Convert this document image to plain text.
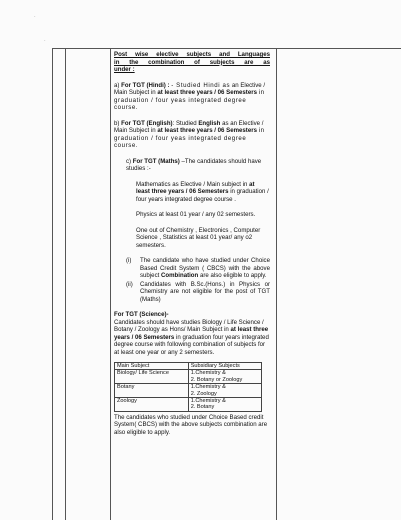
·
·
Post wise elective subjects and Languages
in the combination of subjects are as
under :

a) For TGT (Hindi) : - Studied Hindi as an Elective / Main Subject in at least three years / 06 Semesters in graduation / four yeas integrated degree course.

b) For TGT (English): Studied English as an Elective / Main Subject in at least three years / 06 Semesters in graduation / four yeas integrated degree course.

c) For TGT (Maths) –The candidates should have studies :-

Mathematics as Elective / Main subject in at least three years / 06 Semesters in graduation / four years integrated degree course .

Physics at least 01 year / any 02 semesters.

One out of Chemistry , Electronics , Computer Science , Statistics at least 01 year/ any o2 semesters.

(i)	The candidate who have studied under Choice Based Credit System ( CBCS) with the above subject Combination are also eligible to apply.

(ii)	Candidates with B.Sc.(Hons.) in Physics or Chemistry are not eligible for the post of TGT (Maths)

For TGT (Science)-

Candidates should have studies Biology / Life Science / Botany / Zoology as Hons/ Main Subject in at least three years / 06 Semesters in graduation four years integrated degree course with following combination of subjects for at least one year or any 2 semesters.

Main Subject	Subsidiary Subjects
Biology/ Life Science	1.Chemistry &
2. Botany or Zoology
Botany	1.Chemistry &
2. Zoology
Zoology	1.Chemistry &
2. Botany

The candidates who studied under Choice Based credit System( CBCS) with the above subjects combination are also eligible to apply.
